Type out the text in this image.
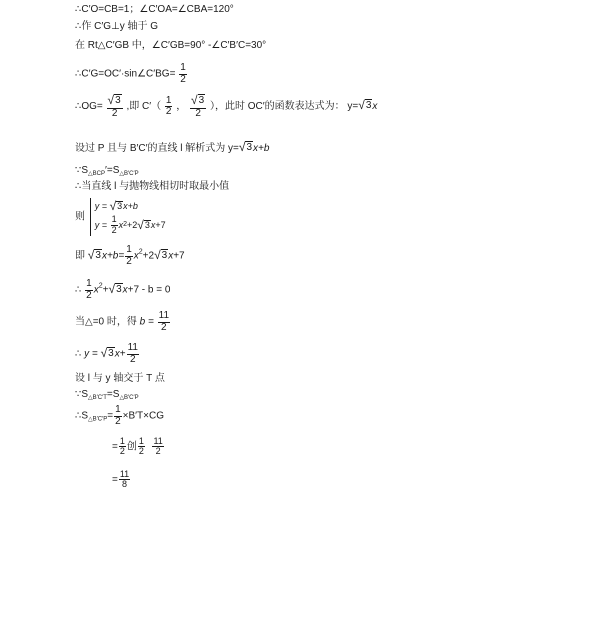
∴C′O=CB=1；∠C′OA=∠CBA=120°
∴作 C′G⊥y 轴于 G
在 Rt△C′GB 中，∠C′GB=90° -∠C′B′C=30°
∴C′G=OC′·sin∠C′BG= $\frac{1}{2}$
∴OG= $\frac{√ 3}{2}$ ,即 $C'( \frac{1}{2}$ ， $\frac{√ 3}{2}$ ），此时 OC′的函数表达式为： y= √ 3 x
设过 P 且与 B′C′的直线 l 解析式为 y= √ 3 x+b
$\because S_{\triangle BCP}'=S_{\triangle B'C'P}$
∴当直线 l 与抛物线相切时取最小值
则
y =
√ 3 x +b
y =
$\frac{1}{2}$ x 2 +2 √ 3 x +7
即 √ 3 $x+b= \frac{1}{2} x^2+2$ √ 3 x+7
∴ $\frac{1}{2} x^2+$ √ 3 x+7 - b = 0
当△=0 时，得 $b = \frac{11}{2}$
∴ y = √ 3 $x+ \frac{11}{2}$
设 l 与 y 轴交于 T 点
$\because S_{\triangle B'C'T}=S_{\triangle B'C'P}$
$\therefore S_{\triangle B'C'P}= \frac{1}{2} \times B'T\times CG$
= $\frac{1}{2}$ 创 $\frac{1}{2}$
$\frac{11}{2}$
= $\frac{11}{8}$
